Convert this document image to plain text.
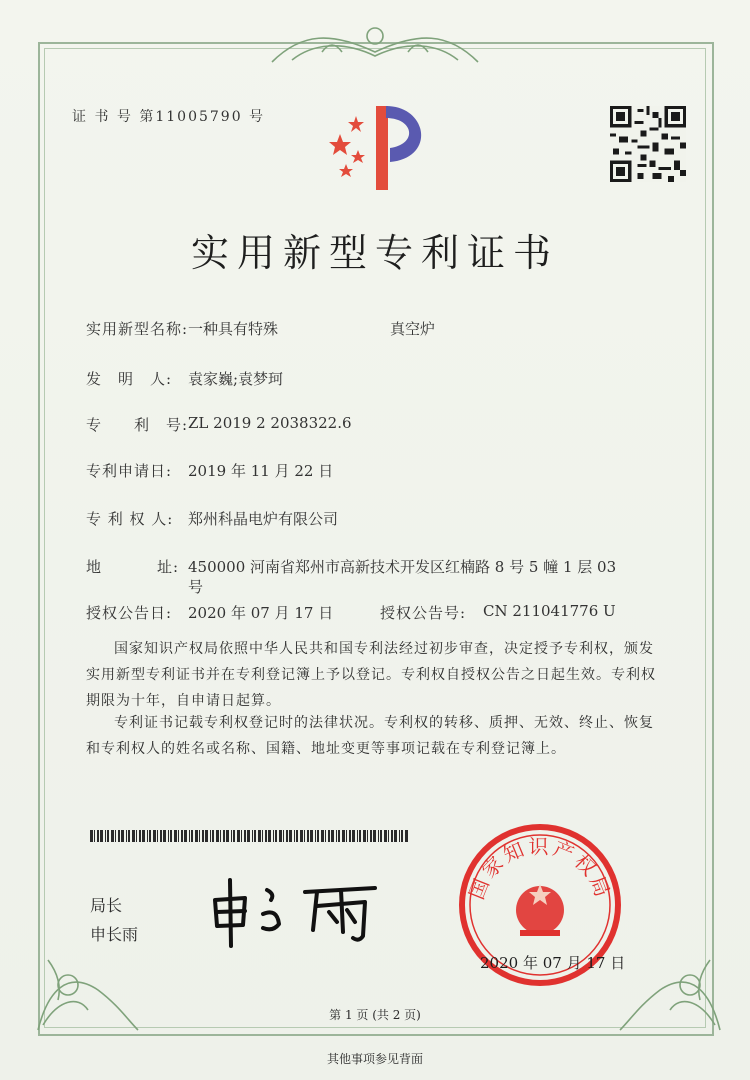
证 书 号 第11005790 号
实用新型专利证书
实用新型名称: 一种具有特殊	真空炉
发　明　人: 袁家巍;袁梦珂
专　　利　号: ZL 2019 2 2038322.6
专利申请日: 2019 年 11 月 22 日
专 利 权 人: 郑州科晶电炉有限公司
地	址: 450000 河南省郑州市高新技术开发区红楠路 8 号 5 幢 1 层 03
号
授权公告日: 2020 年 07 月 17 日	授权公告号: CN 211041776 U
国家知识产权局依照中华人民共和国专利法经过初步审查，决定授予专利权，颁发实用新型专利证书并在专利登记簿上予以登记。专利权自授权公告之日起生效。专利权期限为十年，自申请日起算。
专利证书记载专利权登记时的法律状况。专利权的转移、质押、无效、终止、恢复和专利权人的姓名或名称、国籍、地址变更等事项记载在专利登记簿上。
局长
申长雨
国家知识产权局
2020 年 07 月 17 日
第 1 页 (共 2 页)
其他事项参见背面
